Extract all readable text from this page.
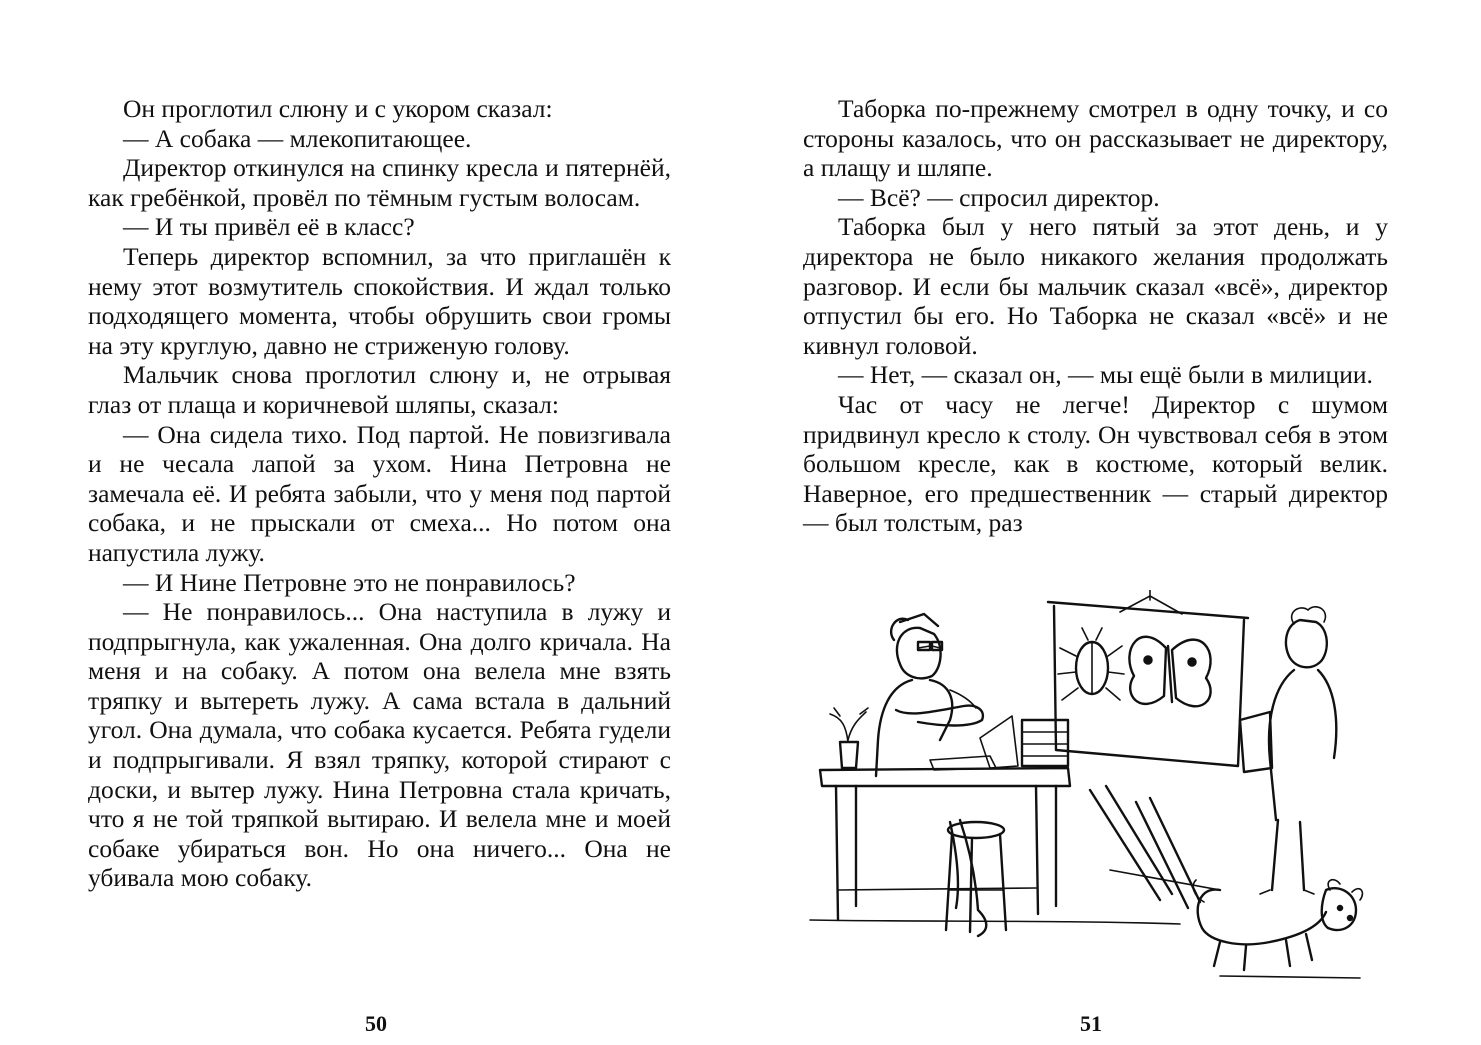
Он проглотил слюну и с укором сказал:

— А собака — млекопитающее.

Директор откинулся на спинку кресла и пятернёй, как гребёнкой, провёл по тёмным густым волосам.

— И ты привёл её в класс?

Теперь директор вспомнил, за что приглашён к нему этот возмутитель спокойствия. И ждал только подходящего момента, чтобы обрушить свои громы на эту круглую, давно не стриженую голову.

Мальчик снова проглотил слюну и, не отрывая глаз от плаща и коричневой шляпы, сказал:

— Она сидела тихо. Под партой. Не повизгивала и не чесала лапой за ухом. Нина Петровна не замечала её. И ребята забыли, что у меня под партой собака, и не прыскали от смеха... Но потом она напустила лужу.

— И Нине Петровне это не понравилось?

— Не понравилось... Она наступила в лужу и подпрыгнула, как ужаленная. Она долго кричала. На меня и на собаку. А потом она велела мне взять тряпку и вытереть лужу. А сама встала в дальний угол. Она думала, что собака кусается. Ребята гудели и подпрыгивали. Я взял тряпку, которой стирают с доски, и вытер лужу. Нина Петровна стала кричать, что я не той тряпкой вытираю. И велела мне и моей собаке убираться вон. Но она ничего... Она не убивала мою собаку.

50

Таборка по-прежнему смотрел в одну точку, и со стороны казалось, что он рассказывает не директору, а плащу и шляпе.

— Всё? — спросил директор.

Таборка был у него пятый за этот день, и у директора не было никакого желания продолжать разговор. И если бы мальчик сказал «всё», директор отпустил бы его. Но Таборка не сказал «всё» и не кивнул головой.

— Нет, — сказал он, — мы ещё были в милиции.

Час от часу не легче! Директор с шумом придвинул кресло к столу. Он чувствовал себя в этом большом кресле, как в костюме, который велик. Наверное, его предшественник — старый директор — был толстым, раз

51
